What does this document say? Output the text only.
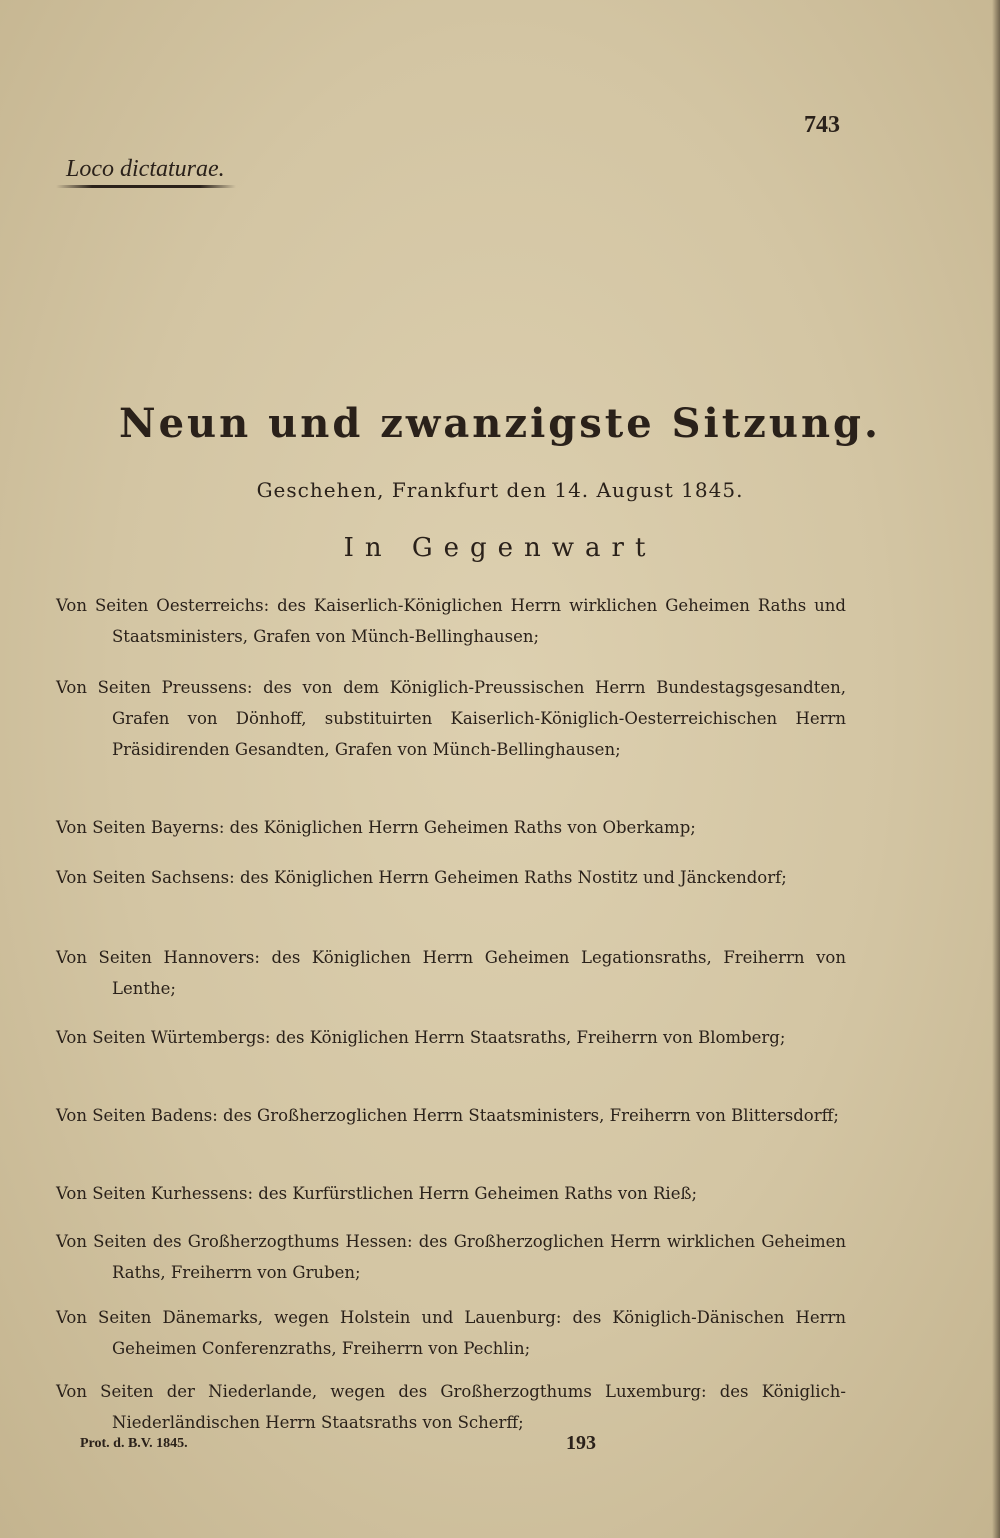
743
Loco dictaturae.
Neun und zwanzigste Sitzung.
Geschehen, Frankfurt den 14. August 1845.
In Gegenwart
Von Seiten Oesterreichs: des Kaiserlich-Königlichen Herrn wirklichen Geheimen Raths und Staatsministers, Grafen von Münch-Bellinghausen;
Von Seiten Preussens: des von dem Königlich-Preussischen Herrn Bundestagsgesandten, Grafen von Dönhoff, substituirten Kaiserlich-Königlich-Oesterreichischen Herrn Präsidirenden Gesandten, Grafen von Münch-Bellinghausen;
Von Seiten Bayerns: des Königlichen Herrn Geheimen Raths von Oberkamp;
Von Seiten Sachsens: des Königlichen Herrn Geheimen Raths Nostitz und Jänckendorf;
Von Seiten Hannovers: des Königlichen Herrn Geheimen Legationsraths, Freiherrn von Lenthe;
Von Seiten Würtembergs: des Königlichen Herrn Staatsraths, Freiherrn von Blomberg;
Von Seiten Badens: des Großherzoglichen Herrn Staatsministers, Freiherrn von Blittersdorff;
Von Seiten Kurhessens: des Kurfürstlichen Herrn Geheimen Raths von Rieß;
Von Seiten des Großherzogthums Hessen: des Großherzoglichen Herrn wirklichen Geheimen Raths, Freiherrn von Gruben;
Von Seiten Dänemarks, wegen Holstein und Lauenburg: des Königlich-Dänischen Herrn Geheimen Conferenzraths, Freiherrn von Pechlin;
Von Seiten der Niederlande, wegen des Großherzogthums Luxemburg: des Königlich-Niederländischen Herrn Staatsraths von Scherff;
Prot. d. B.V. 1845.	193
